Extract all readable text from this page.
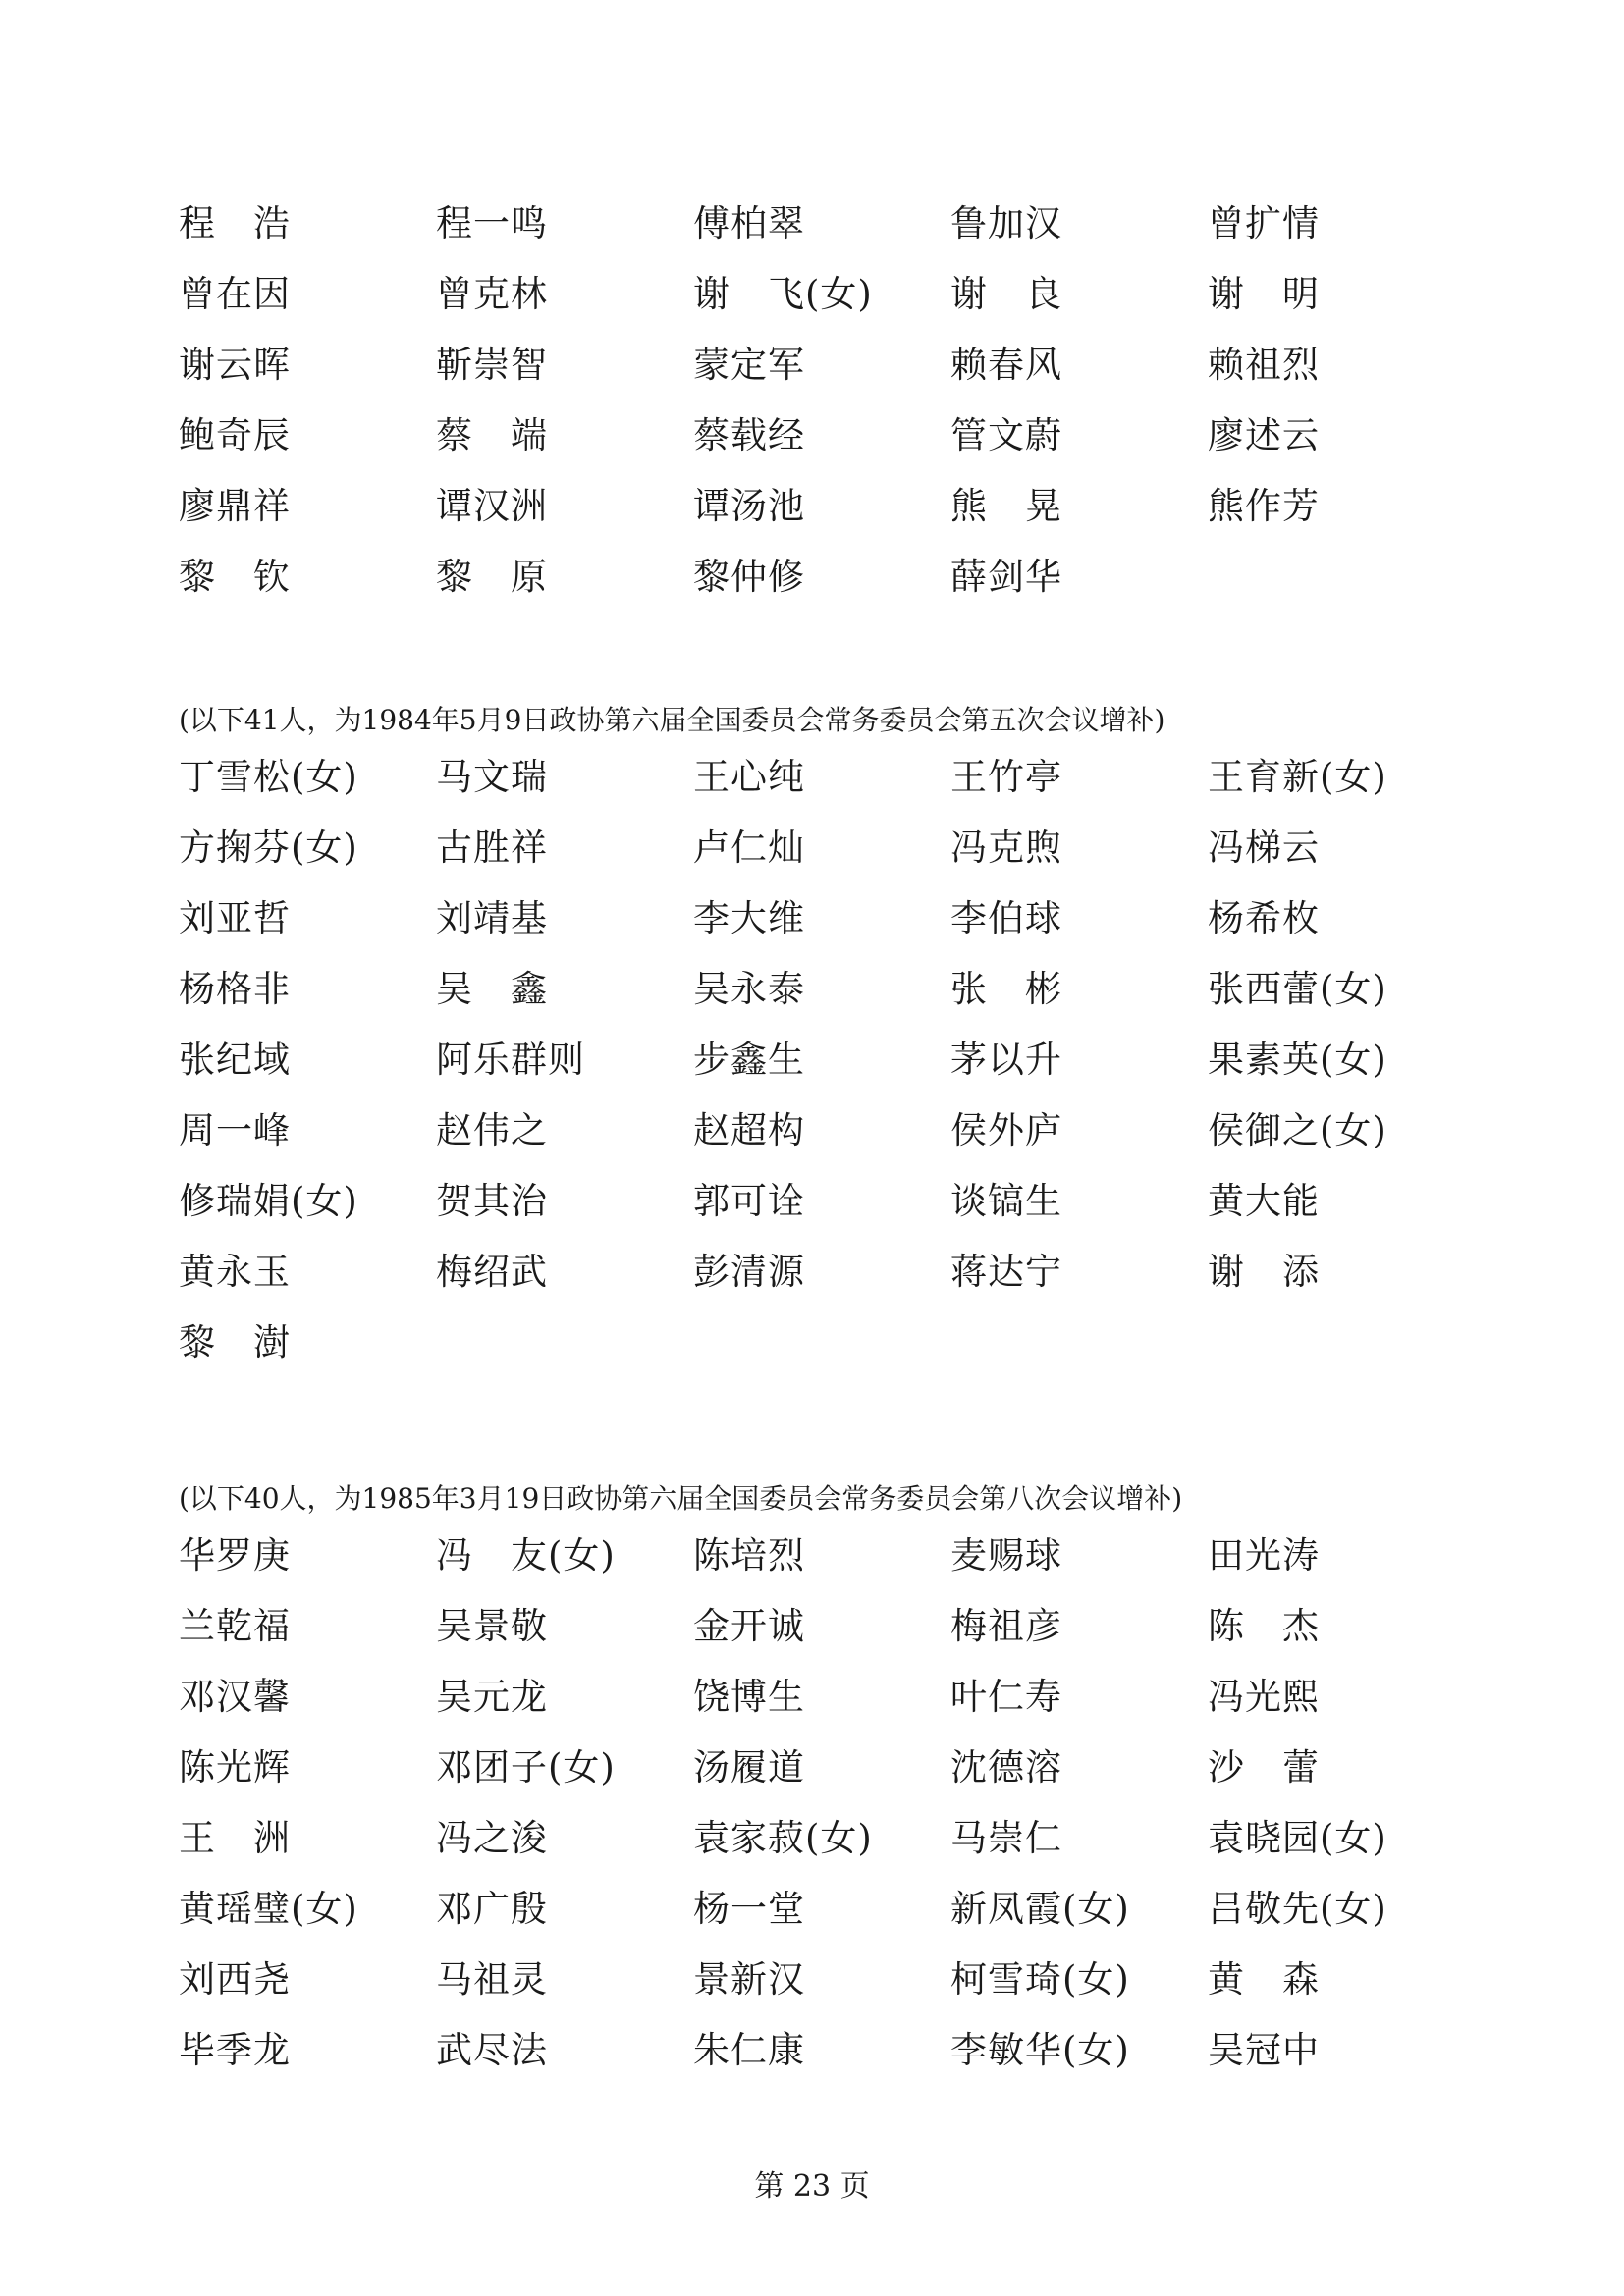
程　浩	程一鸣	傅柏翠	鲁加汉	曾扩情
曾在因	曾克林	谢　飞(女)	谢　良	谢　明
谢云晖	靳崇智	蒙定军	赖春风	赖祖烈
鲍奇辰	蔡　端	蔡载经	管文蔚	廖述云
廖鼎祥	谭汉洲	谭汤池	熊　晃	熊作芳
黎　钦	黎　原	黎仲修	薛剑华
(以下41人，为1984年5月9日政协第六届全国委员会常务委员会第五次会议增补)
丁雪松(女)	马文瑞	王心纯	王竹亭	王育新(女)
方掬芬(女)	古胜祥	卢仁灿	冯克煦	冯梯云
刘亚哲	刘靖基	李大维	李伯球	杨希枚
杨格非	吴　鑫	吴永泰	张　彬	张西蕾(女)
张纪域	阿乐群则	步鑫生	茅以升	果素英(女)
周一峰	赵伟之	赵超构	侯外庐	侯御之(女)
修瑞娟(女)	贺其治	郭可诠	谈镐生	黄大能
黄永玉	梅绍武	彭清源	蒋达宁	谢　添
黎　澍
(以下40人，为1985年3月19日政协第六届全国委员会常务委员会第八次会议增补)
华罗庚	冯　友(女)	陈培烈	麦赐球	田光涛
兰乾福	吴景敬	金开诚	梅祖彦	陈　杰
邓汉馨	吴元龙	饶博生	叶仁寿	冯光熙
陈光辉	邓团子(女)	汤履道	沈德溶	沙　蕾
王　洲	冯之浚	袁家菽(女)	马崇仁	袁晓园(女)
黄瑶璧(女)	邓广殷	杨一堂	新凤霞(女)	吕敬先(女)
刘西尧	马祖灵	景新汉	柯雪琦(女)	黄　森
毕季龙	武尽法	朱仁康	李敏华(女)	吴冠中
第 23 页
